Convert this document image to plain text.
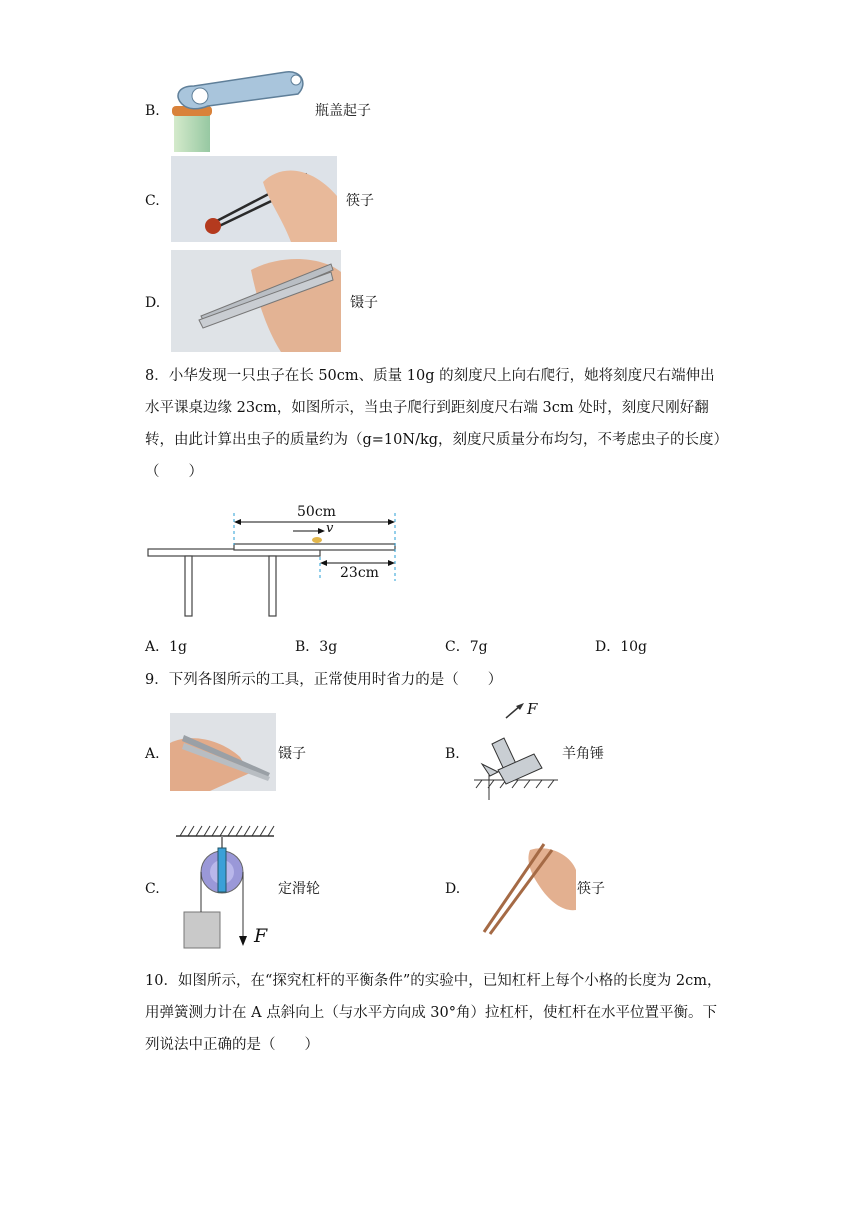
B.	瓶盖起子
C.	筷子
D.	镊子
8．小华发现一只虫子在长 50cm、质量 10g 的刻度尺上向右爬行，她将刻度尺右端伸出水平课桌边缘 23cm，如图所示，当虫子爬行到距刻度尺右端 3cm 处时，刻度尺刚好翻转，由此计算出虫子的质量约为（g=10N/kg，刻度尺质量分布均匀，不考虑虫子的长度）（　　）
50cm
v
23cm
A．1g	B．3g	C．7g	D．10g
9．下列各图所示的工具，正常使用时省力的是（　　）
A.	镊子	B.
F
羊角锤
C.
F
定滑轮	D.	筷子
10．如图所示，在“探究杠杆的平衡条件”的实验中，已知杠杆上每个小格的长度为 2cm，用弹簧测力计在 A 点斜向上（与水平方向成 30°角）拉杠杆，使杠杆在水平位置平衡。下列说法中正确的是（　　）
